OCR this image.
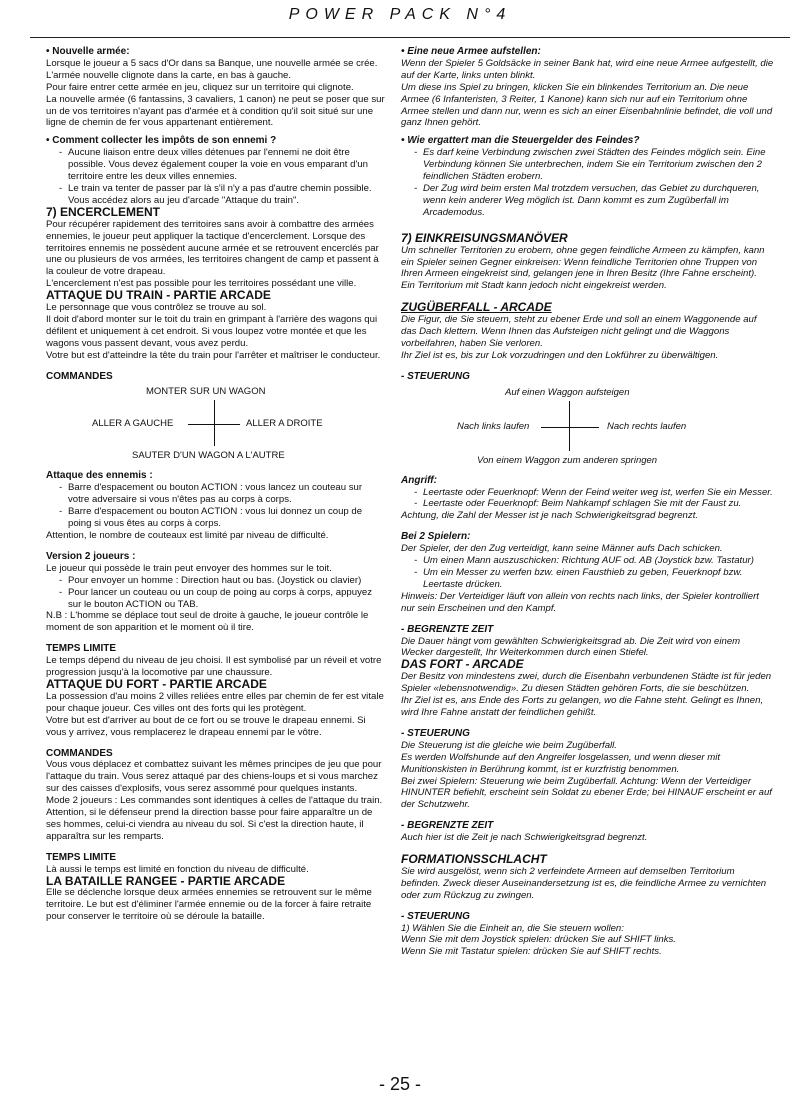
POWER PACK N°4

• Nouvelle armée:

Lorsque le joueur a 5 sacs d'Or dans sa Banque, une nouvelle armée se crée. L'armée nouvelle clignote dans la carte, en bas à gauche.

Pour faire entrer cette armée en jeu, cliquez sur un territoire qui clignote.

La nouvelle armée (6 fantassins, 3 cavaliers, 1 canon) ne peut se poser que sur un de vos territoires n'ayant pas d'armée et à condition qu'il soit situé sur une ligne de chemin de fer vous appartenant entièrement.

• Comment collecter les impôts de son ennemi ?

- Aucune liaison entre deux villes détenues par l'ennemi ne doit être possible. Vous devez également couper la voie en vous emparant d'un territoire entre les deux villes ennemies.
- Le train va tenter de passer par là s'il n'y a pas d'autre chemin possible. Vous accédez alors au jeu d'arcade "Attaque du train".

7) ENCERCLEMENT

Pour récupérer rapidement des territoires sans avoir à combattre des armées ennemies, le joueur peut appliquer la tactique d'encerclement. Lorsque des territoires ennemis ne possèdent aucune armée et se retrouvent encerclés par une ou plusieurs de vos armées, les territoires changent de camp et passent à la couleur de votre drapeau.

L'encerclement n'est pas possible pour les territoires possédant une ville.

ATTAQUE DU TRAIN - PARTIE ARCADE

Le personnage que vous contrôlez se trouve au sol.

Il doit d'abord monter sur le toit du train en grimpant à l'arrière des wagons qui défilent et uniquement à cet endroit. Si vous loupez votre montée et que les wagons vous passent devant, vous avez perdu.

Votre but est d'atteindre la tête du train pour l'arrêter et maîtriser le conducteur.

COMMANDES

MONTER SUR UN WAGON
ALLER A GAUCHE	ALLER A DROITE
SAUTER D'UN WAGON A L'AUTRE

Attaque des ennemis :

- Barre d'espacement ou bouton ACTION : vous lancez un couteau sur votre adversaire si vous n'êtes pas au corps à corps.
- Barre d'espacement ou bouton ACTION : vous lui donnez un coup de poing si vous êtes au corps à corps.

Attention, le nombre de couteaux est limité par niveau de difficulté.

Version 2 joueurs :

Le joueur qui possède le train peut envoyer des hommes sur le toit.

- Pour envoyer un homme : Direction haut ou bas. (Joystick ou clavier)
- Pour lancer un couteau ou un coup de poing au corps à corps, appuyez sur le bouton ACTION ou TAB.

N.B : L'homme se déplace tout seul de droite à gauche, le joueur contrôle le moment de son apparition et le moment où il tire.

TEMPS LIMITE

Le temps dépend du niveau de jeu choisi. Il est symbolisé par un réveil et votre progression jusqu'à la locomotive par une chaussure.

ATTAQUE DU FORT - PARTIE ARCADE

La possession d'au moins 2 villes reliées entre elles par chemin de fer est vitale pour chaque joueur. Ces villes ont des forts qui les protègent.

Votre but est d'arriver au bout de ce fort ou se trouve le drapeau ennemi. Si vous y arrivez, vous remplacerez le drapeau ennemi par le vôtre.

COMMANDES

Vous vous déplacez et combattez suivant les mêmes principes de jeu que pour l'attaque du train. Vous serez attaqué par des chiens-loups et si vous marchez sur des caisses d'explosifs, vous serez assommé pour quelques instants.

Mode 2 joueurs : Les commandes sont identiques à celles de l'attaque du train. Attention, si le défenseur prend la direction basse pour faire apparaître un de ses hommes, celui-ci viendra au niveau du sol. Si c'est la direction haute, il apparaîtra sur les remparts.

TEMPS LIMITE

Là aussi le temps est limité en fonction du niveau de difficulté.

LA BATAILLE RANGEE - PARTIE ARCADE

Elle se déclenche lorsque deux armées ennemies se retrouvent sur le même territoire. Le but est d'éliminer l'armée ennemie ou de la forcer à faire retraite pour conserver le territoire où se déroule la bataille.

• Eine neue Armee aufstellen:

Wenn der Spieler 5 Goldsäcke in seiner Bank hat, wird eine neue Armee aufgestellt, die auf der Karte, links unten blinkt.

Um diese ins Spiel zu bringen, klicken Sie ein blinkendes Territorium an. Die neue Armee (6 Infanteristen, 3 Reiter, 1 Kanone) kann sich nur auf ein Territorium ohne Armee stellen und dann nur, wenn es sich an einer Eisenbahnlinie befindet, die voll und ganz Ihnen gehört.

• Wie ergattert man die Steuergelder des Feindes?

- Es darf keine Verbindung zwischen zwei Städten des Feindes möglich sein. Eine Verbindung können Sie unterbrechen, indem Sie ein Territorium zwischen den 2 feindlichen Städten erobern.
- Der Zug wird beim ersten Mal trotzdem versuchen, das Gebiet zu durchqueren, wenn kein anderer Weg möglich ist. Dann kommt es zum Zugüberfall im Arcademodus.

7) EINKREISUNGSMANÖVER

Um schneller Territorien zu erobern, ohne gegen feindliche Armeen zu kämpfen, kann ein Spieler seinen Gegner einkreisen: Wenn feindliche Territorien ohne Truppen von Ihren Armeen eingekreist sind, gelangen jene in Ihren Besitz (Ihre Fahne erscheint).

Ein Territorium mit Stadt kann jedoch nicht eingekreist werden.

ZUGÜBERFALL - ARCADE

Die Figur, die Sie steuern, steht zu ebener Erde und soll an einem Waggonende auf das Dach klettern. Wenn Ihnen das Aufsteigen nicht gelingt und die Waggons vorbeifahren, haben Sie verloren.

Ihr Ziel ist es, bis zur Lok vorzudringen und den Lokführer zu überwältigen.

- STEUERUNG

Auf einen Waggon aufsteigen
Nach links laufen	Nach rechts laufen
Von einem Waggon zum anderen springen

Angriff:

- Leertaste oder Feuerknopf: Wenn der Feind weiter weg ist, werfen Sie ein Messer.
- Leertaste oder Feuerknopf: Beim Nahkampf schlagen Sie mit der Faust zu.

Achtung, die Zahl der Messer ist je nach Schwierigkeitsgrad begrenzt.

Bei 2 Spielern:

Der Spieler, der den Zug verteidigt, kann seine Männer aufs Dach schicken.

- Um einen Mann auszuschicken: Richtung AUF od. AB (Joystick bzw. Tastatur)
- Um ein Messer zu werfen bzw. einen Fausthieb zu geben, Feuerknopf bzw. Leertaste drücken.

Hinweis: Der Verteidiger läuft von allein von rechts nach links, der Spieler kontrolliert nur sein Erscheinen und den Kampf.

- BEGRENZTE ZEIT

Die Dauer hängt vom gewählten Schwierigkeitsgrad ab. Die Zeit wird von einem Wecker dargestellt, Ihr Weiterkommen durch einen Stiefel.

DAS FORT - ARCADE

Der Besitz von mindestens zwei, durch die Eisenbahn verbundenen Städte ist für jeden Spieler «lebensnotwendig». Zu diesen Städten gehören Forts, die sie beschützen.

Ihr Ziel ist es, ans Ende des Forts zu gelangen, wo die Fahne steht. Gelingt es Ihnen, wird Ihre Fahne anstatt der feindlichen gehißt.

- STEUERUNG

Die Steuerung ist die gleiche wie beim Zugüberfall.

Es werden Wolfshunde auf den Angreifer losgelassen, und wenn dieser mit Munitionskisten in Berührung kommt, ist er kurzfristig benommen.

Bei zwei Spielern: Steuerung wie beim Zugüberfall. Achtung: Wenn der Verteidiger HINUNTER befiehlt, erscheint sein Soldat zu ebener Erde; bei HINAUF erscheint er auf der Schutzwehr.

- BEGRENZTE ZEIT

Auch hier ist die Zeit je nach Schwierigkeitsgrad begrenzt.

FORMATIONSSCHLACHT

Sie wird ausgelöst, wenn sich 2 verfeindete Armeen auf demselben Territorium befinden. Zweck dieser Auseinandersetzung ist es, die feindliche Armee zu vernichten oder zum Rückzug zu zwingen.

- STEUERUNG

1) Wählen Sie die Einheit an, die Sie steuern wollen:

Wenn Sie mit dem Joystick spielen: drücken Sie auf SHIFT links.

Wenn Sie mit Tastatur spielen: drücken Sie auf SHIFT rechts.

- 25 -
